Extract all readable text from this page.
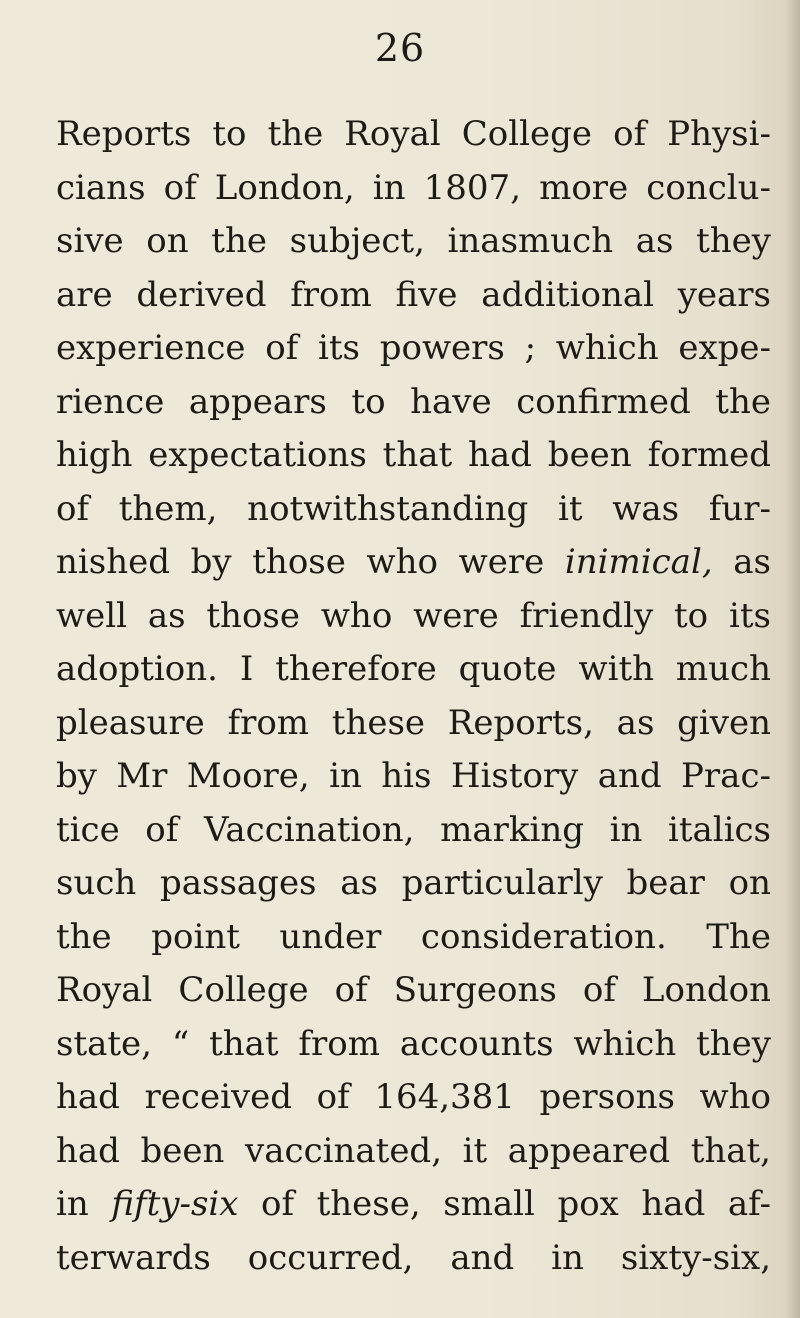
26
Reports to the Royal College of Physi-
cians of London, in 1807, more conclu-
sive on the subject, inasmuch as they
are derived from five additional years
experience of its powers ; which expe-
rience appears to have confirmed the
high expectations that had been formed
of them, notwithstanding it was fur-
nished by those who were inimical, as
well as those who were friendly to its
adoption. I therefore quote with much
pleasure from these Reports, as given
by Mr Moore, in his History and Prac-
tice of Vaccination, marking in italics
such passages as particularly bear on
the point under consideration. The
Royal College of Surgeons of London
state, “ that from accounts which they
had received of 164,381 persons who
had been vaccinated, it appeared that,
in fifty-six of these, small pox had af-
terwards occurred, and in sixty-six,
